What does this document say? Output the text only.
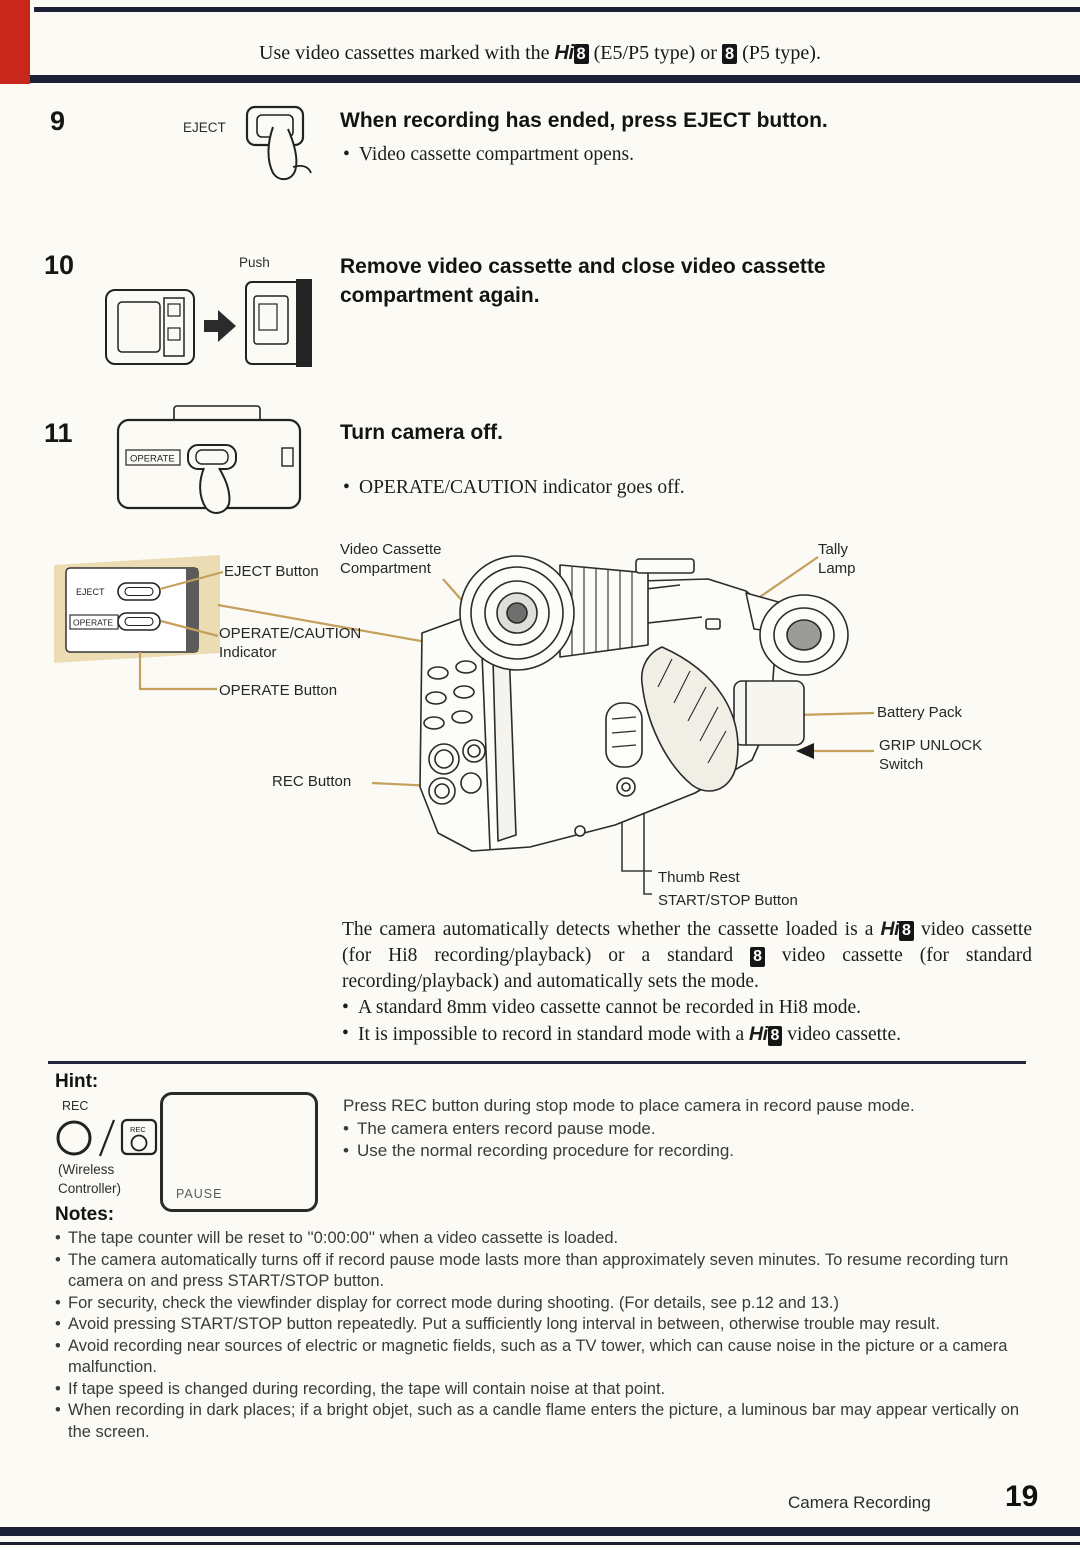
Use video cassettes marked with the Hi 8 (E5/P5 type) or 8 (P5 type).
9	EJECT	When recording has ended, press EJECT button.
• Video cassette compartment opens.
10	Push	Remove video cassette and close video cassette compartment again.
11
OPERATE
Turn camera off.
• OPERATE/CAUTION indicator goes off.
EJECT
OPERATE
Video Cassette
Compartment
EJECT Button
OPERATE/CAUTION
Indicator
OPERATE Button
REC Button
Tally
Lamp
Battery Pack
GRIP UNLOCK
Switch
Thumb Rest
START/STOP Button
The camera automatically detects whether the cassette loaded is a Hi 8 video cassette (for Hi8 recording/playback) or a standard 8 video cassette (for standard recording/playback) and automatically sets the mode.
• A standard 8mm video cassette cannot be recorded in Hi8 mode.
• It is impossible to record in standard mode with a Hi 8 video cassette.
Hint:
REC
REC
(Wireless
Controller)	PAUSE
Press REC button during stop mode to place camera in record pause mode.
• The camera enters record pause mode.
• Use the normal recording procedure for recording.
Notes:
• The tape counter will be reset to ''0:00:00'' when a video cassette is loaded.
• The camera automatically turns off if record pause mode lasts more than approximately seven minutes. To resume recording turn camera on and press START/STOP button.
• For security, check the viewfinder display for correct mode during shooting. (For details, see p.12 and 13.)
• Avoid pressing START/STOP button repeatedly. Put a sufficiently long interval in between, otherwise trouble may result.
• Avoid recording near sources of electric or magnetic fields, such as a TV tower, which can cause noise in the picture or a camera malfunction.
• If tape speed is changed during recording, the tape will contain noise at that point.
• When recording in dark places; if a bright objet, such as a candle flame enters the picture, a luminous bar may appear vertically on the screen.
Camera Recording 19
